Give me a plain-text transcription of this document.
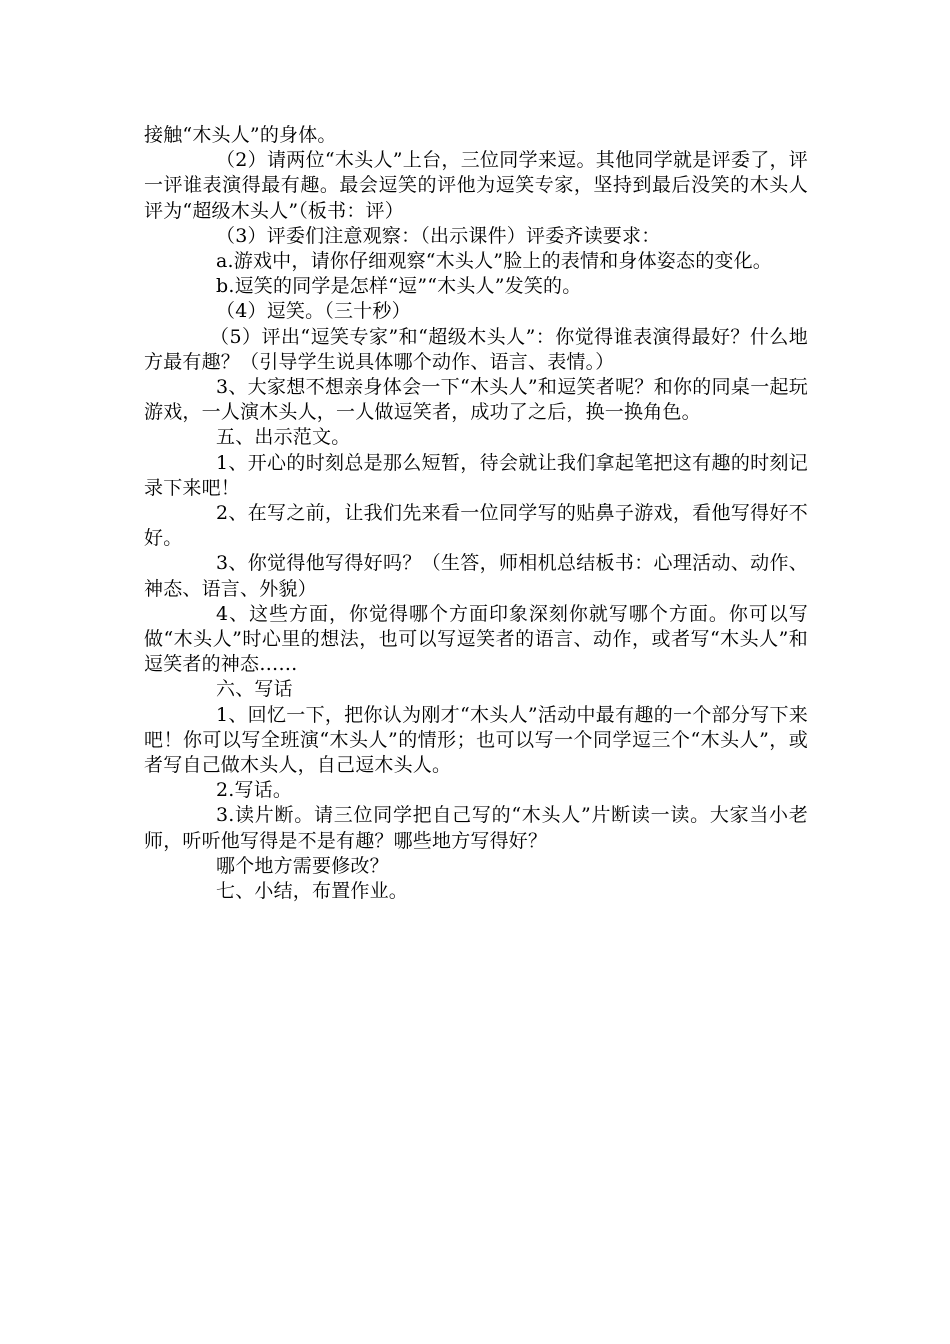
接触“木头人”的身体。

（2）请两位“木头人”上台，三位同学来逗。其他同学就是评委了，评一评谁表演得最有趣。最会逗笑的评他为逗笑专家，坚持到最后没笑的木头人评为“超级木头人”（板书：评）

（3）评委们注意观察：（出示课件）评委齐读要求：

a.游戏中，请你仔细观察“木头人”脸上的表情和身体姿态的变化。

b.逗笑的同学是怎样“逗”“木头人”发笑的。

（4）逗笑。（三十秒）

（5）评出“逗笑专家”和“超级木头人”：你觉得谁表演得最好？什么地方最有趣？（引导学生说具体哪个动作、语言、表情。）

3、大家想不想亲身体会一下“木头人”和逗笑者呢？和你的同桌一起玩游戏，一人演木头人，一人做逗笑者，成功了之后，换一换角色。

五、出示范文。

1、开心的时刻总是那么短暂，待会就让我们拿起笔把这有趣的时刻记录下来吧！

2、在写之前，让我们先来看一位同学写的贴鼻子游戏，看他写得好不好。

3、你觉得他写得好吗？（生答，师相机总结板书：心理活动、动作、神态、语言、外貌）

4、这些方面，你觉得哪个方面印象深刻你就写哪个方面。你可以写做“木头人”时心里的想法，也可以写逗笑者的语言、动作，或者写“木头人”和逗笑者的神态……

六、写话

1、回忆一下，把你认为刚才“木头人”活动中最有趣的一个部分写下来吧！你可以写全班演“木头人”的情形；也可以写一个同学逗三个“木头人”，或者写自己做木头人，自己逗木头人。

2.写话。

3.读片断。请三位同学把自己写的“木头人”片断读一读。大家当小老师，听听他写得是不是有趣？哪些地方写得好？

哪个地方需要修改？

七、小结，布置作业。
